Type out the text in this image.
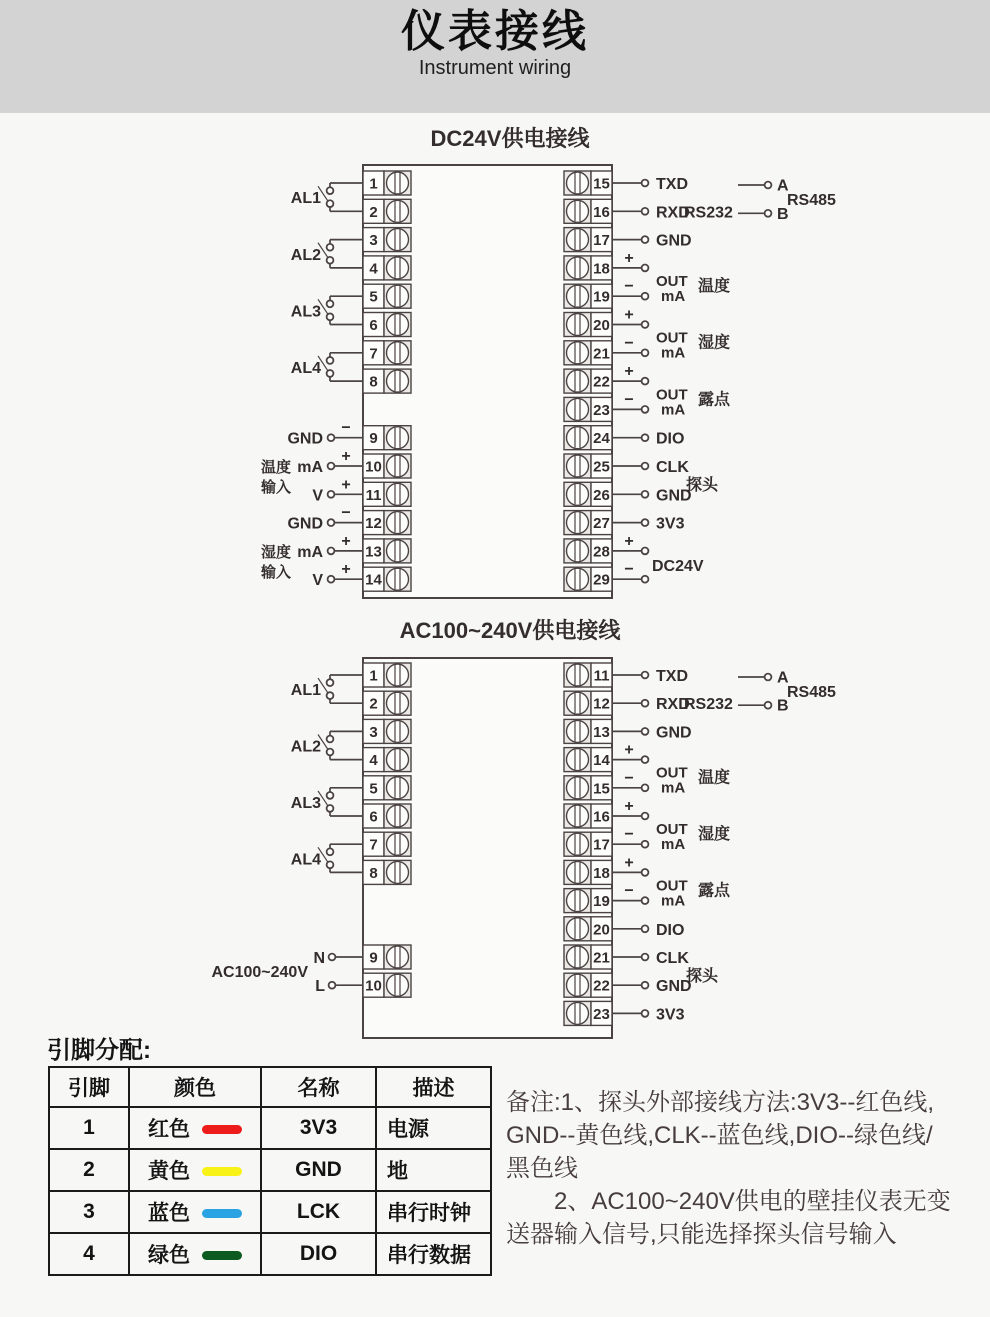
仪表接线
Instrument wiring
DC24V供电接线
AL1
AL2
AL3
AL4
GND
−
mA
+
V
+
GND
−
mA
+
V
+
温度
输入
湿度
输入
TXD
RXD
GND
+
−
+
−
+
−
DIO
CLK
GND
3V3
+
−
OUT
mA
温度
OUT
mA
湿度
OUT
mA
露点
RS232
探头
DC24V
A
B
RS485
1
2
3
4
5
6
7
8
9
10
11
12
13
14
15
16
17
18
19
20
21
22
23
24
25
26
27
28
29
AC100~240V供电接线
AL1
AL2
AL3
AL4
N
L
AC100~240V
TXD
RXD
GND
+
−
+
−
+
−
DIO
CLK
GND
3V3
OUT
mA
温度
OUT
mA
湿度
OUT
mA
露点
RS232
探头
A
B
RS485
1
2
3
4
5
6
7
8
9
10
11
12
13
14
15
16
17
18
19
20
21
22
23
引脚分配:
引脚	颜色	名称	描述
1	红色	3V3	电源
2	黄色	GND	地
3	蓝色	LCK	串行时钟
4	绿色	DIO	串行数据
备注:1、探头外部接线方法:3V3--红色线,
GND--黄色线,CLK--蓝色线,DIO--绿色线/
黑色线
　　2、AC100~240V供电的壁挂仪表无变
送器输入信号,只能选择探头信号输入
